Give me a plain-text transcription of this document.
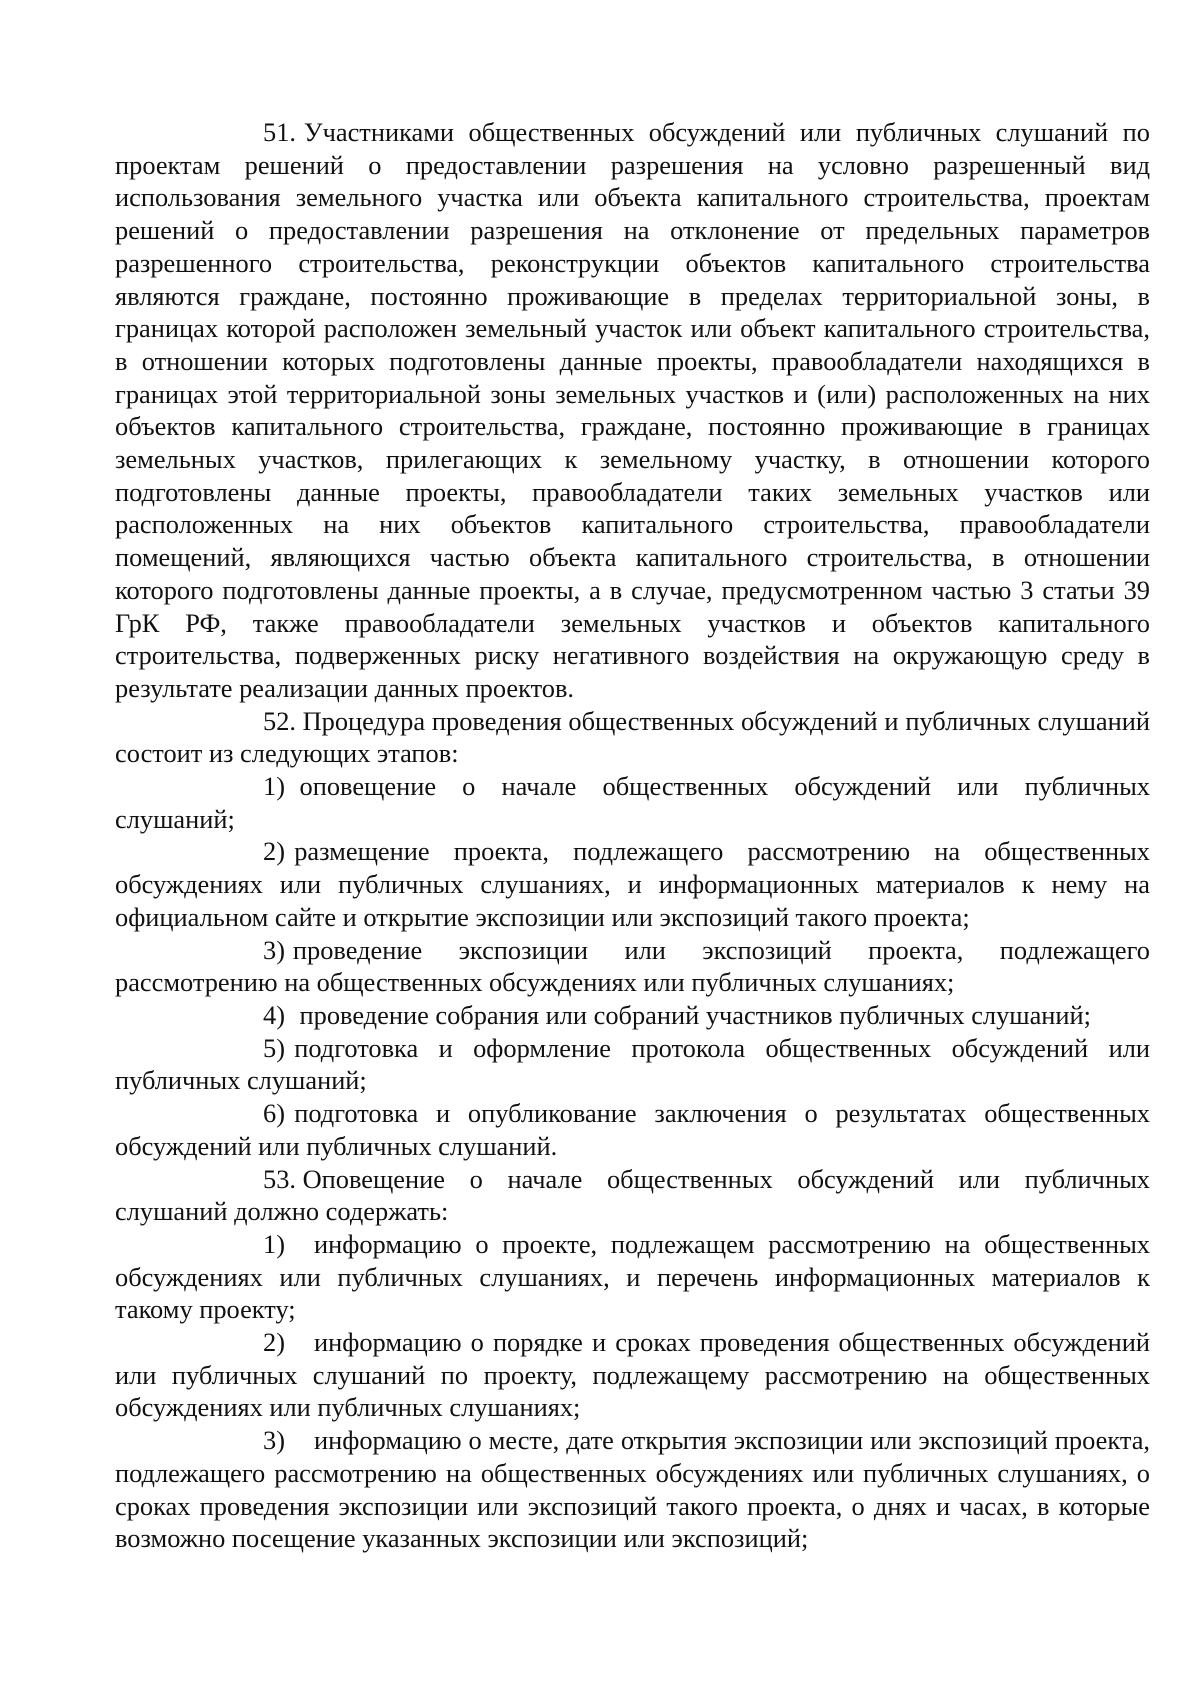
51. Участниками общественных обсуждений или публичных слушаний по проектам решений о предоставлении разрешения на условно разрешенный вид использования земельного участка или объекта капитального строительства, проектам решений о предоставлении разрешения на отклонение от предельных параметров разрешенного строительства, реконструкции объектов капитального строительства являются граждане, постоянно проживающие в пределах территориальной зоны, в границах которой расположен земельный участок или объект капитального строительства, в отношении которых подготовлены данные проекты, правообладатели находящихся в границах этой территориальной зоны земельных участков и (или) расположенных на них объектов капитального строительства, граждане, постоянно проживающие в границах земельных участков, прилегающих к земельному участку, в отношении которого подготовлены данные проекты, правообладатели таких земельных участков или расположенных на них объектов капитального строительства, правообладатели помещений, являющихся частью объекта капитального строительства, в отношении которого подготовлены данные проекты, а в случае, предусмотренном частью 3 статьи 39 ГрК РФ, также правообладатели земельных участков и объектов капитального строительства, подверженных риску негативного воздействия на окружающую среду в результате реализации данных проектов.

52. Процедура проведения общественных обсуждений и публичных слушаний состоит из следующих этапов:

1) оповещение о начале общественных обсуждений или публичных слушаний;

2) размещение проекта, подлежащего рассмотрению на общественных обсуждениях или публичных слушаниях, и информационных материалов к нему на официальном сайте и открытие экспозиции или экспозиций такого проекта;

3) проведение экспозиции или экспозиций проекта, подлежащего рассмотрению на общественных обсуждениях или публичных слушаниях;

4) проведение собрания или собраний участников публичных слушаний;

5) подготовка и оформление протокола общественных обсуждений или публичных слушаний;

6) подготовка и опубликование заключения о результатах общественных обсуждений или публичных слушаний.

53. Оповещение о начале общественных обсуждений или публичных слушаний должно содержать:

1) информацию о проекте, подлежащем рассмотрению на общественных обсуждениях или публичных слушаниях, и перечень информационных материалов к такому проекту;

2) информацию о порядке и сроках проведения общественных обсуждений или публичных слушаний по проекту, подлежащему рассмотрению на общественных обсуждениях или публичных слушаниях;

3) информацию о месте, дате открытия экспозиции или экспозиций проекта, подлежащего рассмотрению на общественных обсуждениях или публичных слушаниях, о сроках проведения экспозиции или экспозиций такого проекта, о днях и часах, в которые возможно посещение указанных экспозиции или экспозиций;
